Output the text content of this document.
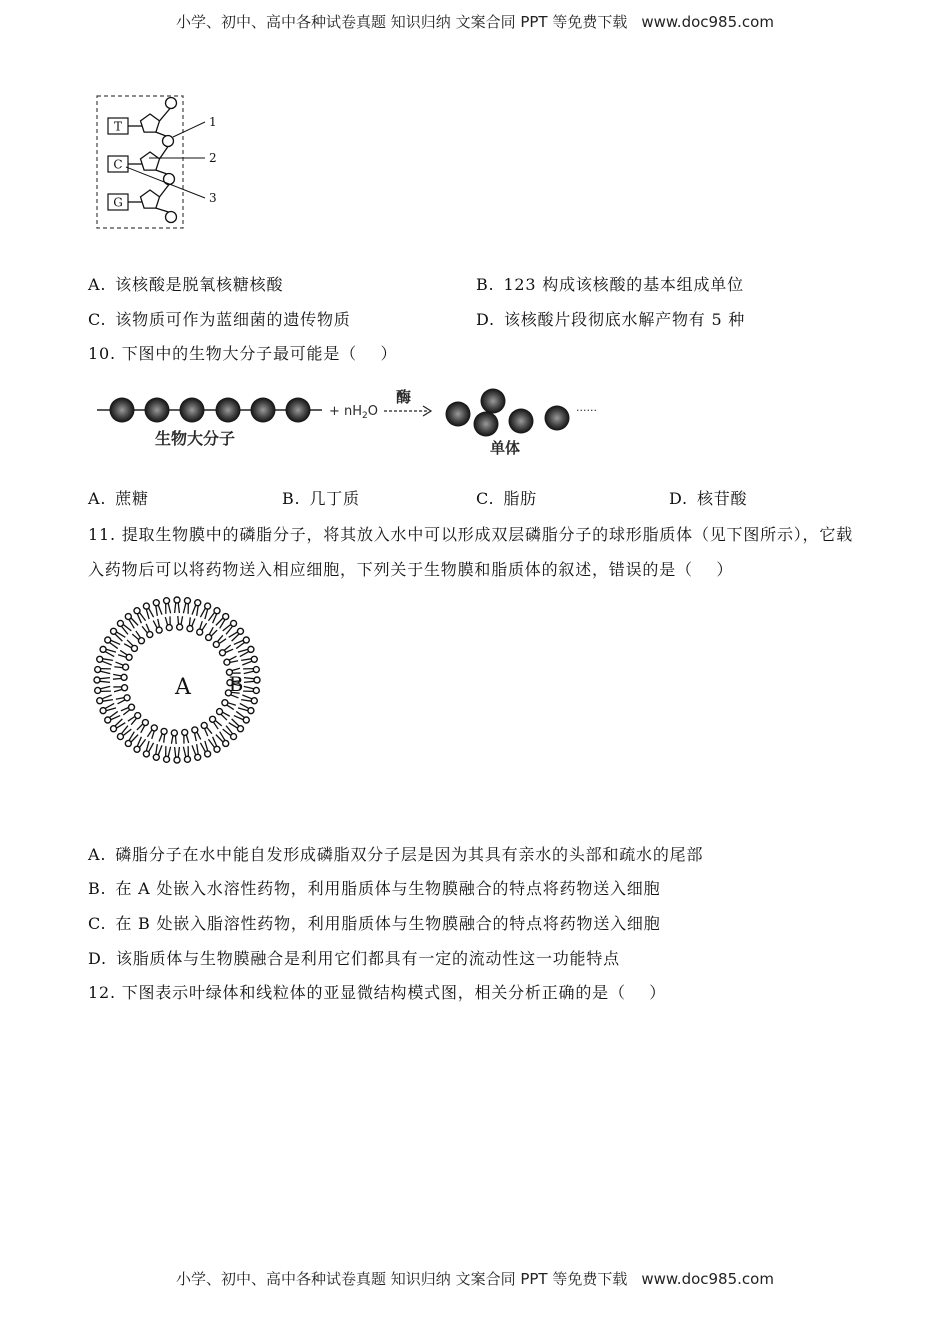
小学、初中、高中各种试卷真题 知识归纳 文案合同 PPT 等免费下载 www.doc985.com
T
C
G
1
2
3
A. 该核酸是脱氧核糖核酸	B. 123 构成该核酸的基本组成单位
C. 该物质可作为蓝细菌的遗传物质	D. 该核酸片段彻底水解产物有 5 种
10. 下图中的生物大分子最可能是（    ）
+ $nH_2O$
酶
......
生物大分子	单体
A. 蔗糖	B. 几丁质	C. 脂肪	D. 核苷酸
11. 提取生物膜中的磷脂分子，将其放入水中可以形成双层磷脂分子的球形脂质体（见下图所示），它载
入药物后可以将药物送入相应细胞，下列关于生物膜和脂质体的叙述，错误的是（    ）
A B
A. 磷脂分子在水中能自发形成磷脂双分子层是因为其具有亲水的头部和疏水的尾部
B. 在 A 处嵌入水溶性药物，利用脂质体与生物膜融合的特点将药物送入细胞
C. 在 B 处嵌入脂溶性药物，利用脂质体与生物膜融合的特点将药物送入细胞
D. 该脂质体与生物膜融合是利用它们都具有一定的流动性这一功能特点
12. 下图表示叶绿体和线粒体的亚显微结构模式图，相关分析正确的是（    ）
小学、初中、高中各种试卷真题 知识归纳 文案合同 PPT 等免费下载 www.doc985.com
